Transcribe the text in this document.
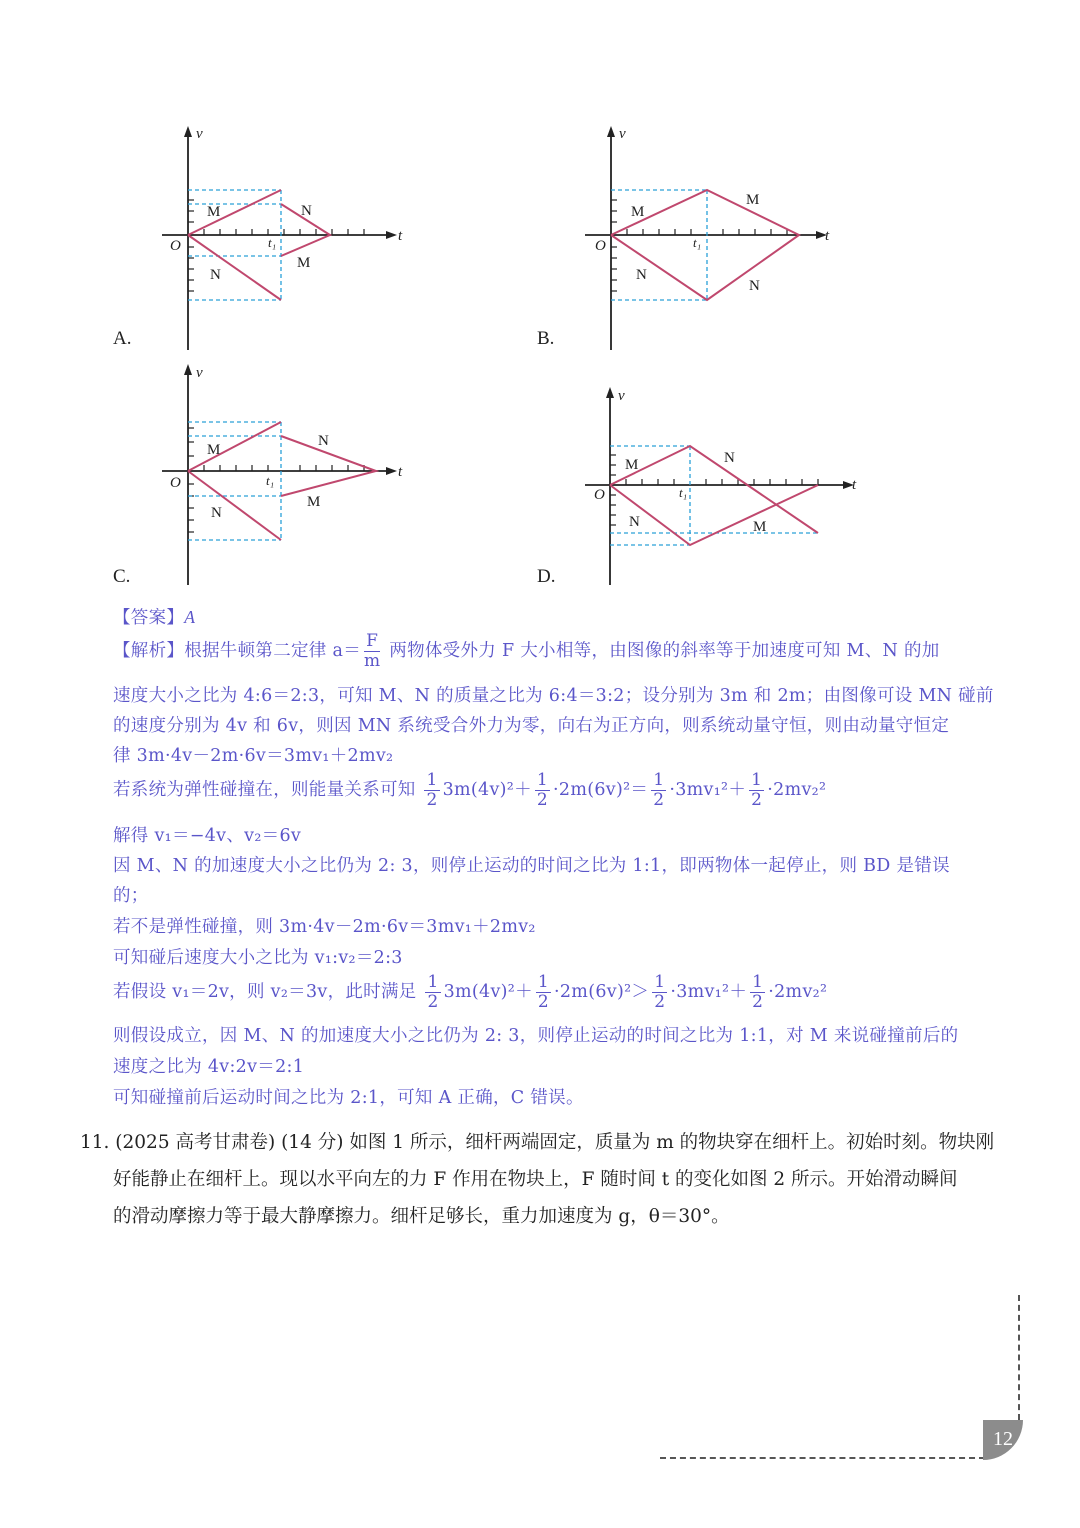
v
t
O	t₁
M	N
N
M
A.
v
t
O	t₁
M
M
N
N
B.
v
t
O	t₁
M
N
N
M
C.
v
t
O	t₁
M	N
N	M
D.
【答案】A
【解析】根据牛顿第二定律 $a= \frac{F}{m}$ 两物体受外力 F 大小相等，由图像的斜率等于加速度可知 M、N 的加
速度大小之比为 4:6＝2:3，可知 M、N 的质量之比为 6:4＝3:2；设分别为 3m 和 2m；由图像可设 MN 碰前
的速度分别为 4v 和 6v，则因 MN 系统受合外力为零，向右为正方向，则系统动量守恒，则由动量守恒定
律 3m·4v－2m·6v＝3mv₁＋2mv₂
若系统为弹性碰撞在，则能量关系可知 $\frac{1}{2} 3m(4v)^2+ \frac{1}{2} \cdot 2m(6v)^2= \frac{1}{2} \cdot 3mv_1^2+ \frac{1}{2} \cdot 2mv_2^2$
解得 v₁＝−4v、v₂＝6v
因 M、N 的加速度大小之比仍为 2: 3，则停止运动的时间之比为 1:1，即两物体一起停止，则 BD 是错误
的；
若不是弹性碰撞，则 3m·4v－2m·6v＝3mv₁＋2mv₂
可知碰后速度大小之比为 v₁:v₂＝2:3
若假设 v₁＝2v，则 v₂＝3v，此时满足 $\frac{1}{2} 3m(4v)^2+ \frac{1}{2} \cdot 2m(6v)^2> \frac{1}{2} \cdot 3mv_1^2+ \frac{1}{2} \cdot 2mv_2^2$
则假设成立，因 M、N 的加速度大小之比仍为 2: 3，则停止运动的时间之比为 1:1，对 M 来说碰撞前后的
速度之比为 4v:2v＝2:1
可知碰撞前后运动时间之比为 2:1，可知 A 正确，C 错误。
11. (2025 高考甘肃卷) (14 分) 如图 1 所示，细杆两端固定，质量为 m 的物块穿在细杆上。初始时刻。物块刚
好能静止在细杆上。现以水平向左的力 F 作用在物块上，F 随时间 t 的变化如图 2 所示。开始滑动瞬间
的滑动摩擦力等于最大静摩擦力。细杆足够长，重力加速度为 g，θ＝30°。
12
